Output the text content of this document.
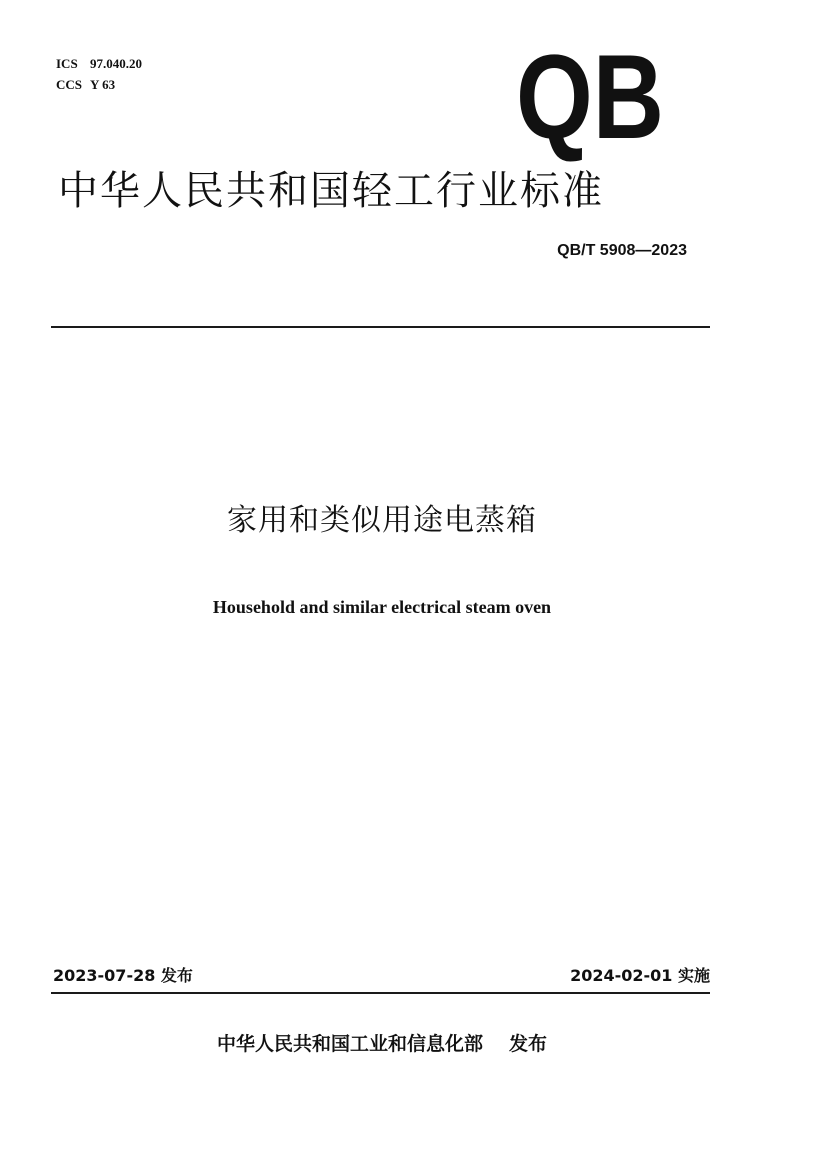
ICS 97.040.20
CCS Y 63	QB
中华人民共和国轻工行业标准
QB/T 5908—2023
家用和类似用途电蒸箱
Household and similar electrical steam oven
2023-07-28 发布	2024-02-01 实施
中华人民共和国工业和信息化部 发布
